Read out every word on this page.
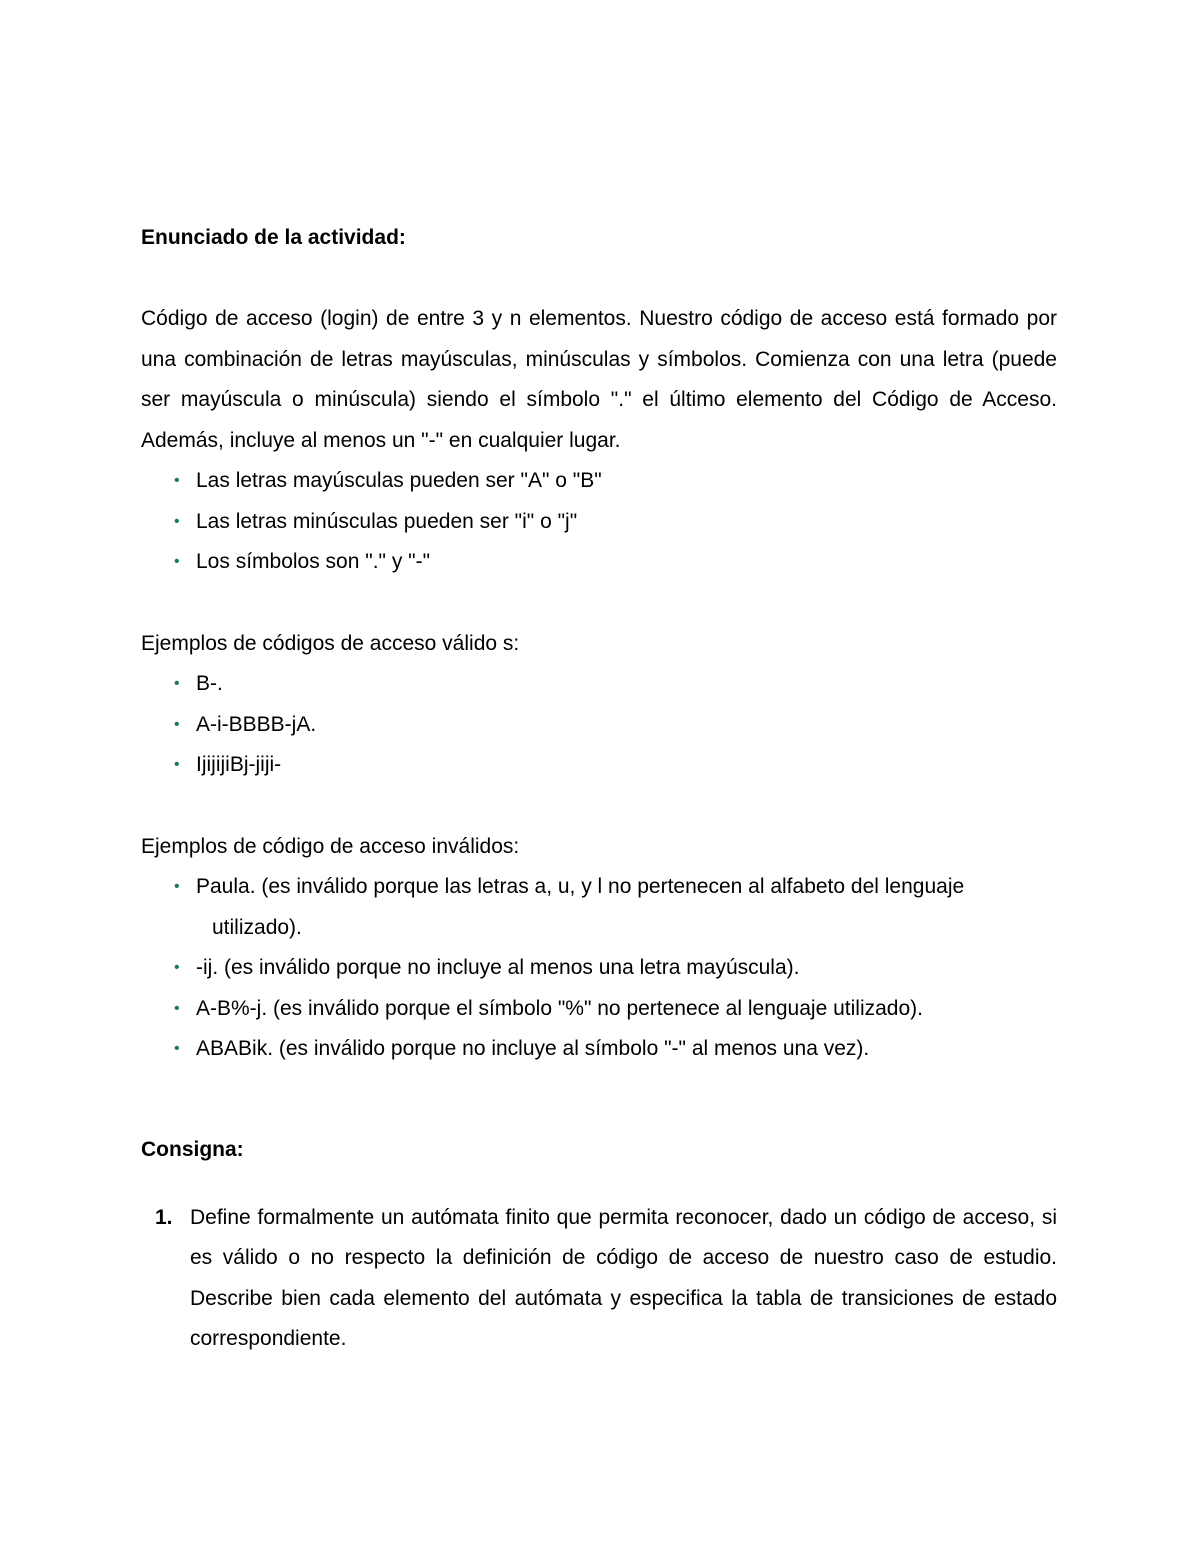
Enunciado de la actividad:

Código de acceso (login) de entre 3 y n elementos. Nuestro código de acceso está formado por una combinación de letras mayúsculas, minúsculas y símbolos. Comienza con una letra (puede ser mayúscula o minúscula) siendo el símbolo "." el último elemento del Código de Acceso. Además, incluye al menos un "-" en cualquier lugar.

• Las letras mayúsculas pueden ser "A" o "B"
• Las letras minúsculas pueden ser "i" o "j"
• Los símbolos son "." y "-"

Ejemplos de códigos de acceso válido s:

• B-.
• A-i-BBBB-jA.
• IjijijiBj-jiji-

Ejemplos de código de acceso inválidos:

• Paula. (es inválido porque las letras a, u, y l no pertenecen al alfabeto del lenguaje utilizado).
• -ij. (es inválido porque no incluye al menos una letra mayúscula).
• A-B%-j. (es inválido porque el símbolo "%" no pertenece al lenguaje utilizado).
• ABABik. (es inválido porque no incluye al símbolo "-" al menos una vez).

Consigna:

1. Define formalmente un autómata finito que permita reconocer, dado un código de acceso, si es válido o no respecto la definición de código de acceso de nuestro caso de estudio. Describe bien cada elemento del autómata y especifica la tabla de transiciones de estado correspondiente.
